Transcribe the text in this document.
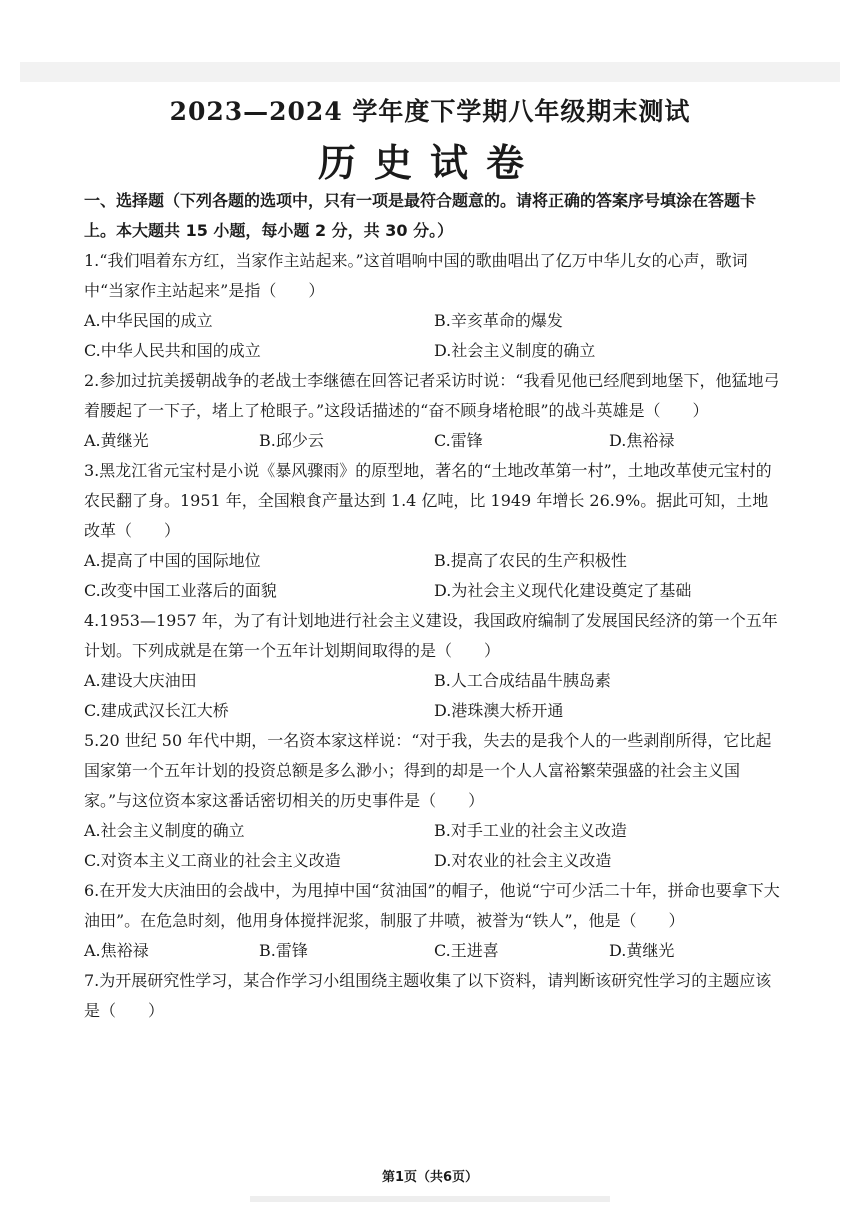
2023—2024 学年度下学期八年级期末测试
历史试卷
一、选择题（下列各题的选项中，只有一项是最符合题意的。请将正确的答案序号填涂在答题卡上。本大题共 15 小题，每小题 2 分，共 30 分。）

1.“我们唱着东方红，当家作主站起来。”这首唱响中国的歌曲唱出了亿万中华儿女的心声，歌词中“当家作主站起来”是指（　　）

A.中华民国的成立	B.辛亥革命的爆发
C.中华人民共和国的成立	D.社会主义制度的确立

2.参加过抗美援朝战争的老战士李继德在回答记者采访时说：“我看见他已经爬到地堡下，他猛地弓着腰起了一下子，堵上了枪眼子。”这段话描述的“奋不顾身堵枪眼”的战斗英雄是（　　）

A.黄继光	B.邱少云	C.雷锋	D.焦裕禄

3.黑龙江省元宝村是小说《暴风骤雨》的原型地，著名的“土地改革第一村”，土地改革使元宝村的农民翻了身。1951 年，全国粮食产量达到 1.4 亿吨，比 1949 年增长 26.9%。据此可知，土地改革（　　）

A.提高了中国的国际地位	B.提高了农民的生产积极性
C.改变中国工业落后的面貌	D.为社会主义现代化建设奠定了基础

4.1953—1957 年，为了有计划地进行社会主义建设，我国政府编制了发展国民经济的第一个五年计划。下列成就是在第一个五年计划期间取得的是（　　）

A.建设大庆油田	B.人工合成结晶牛胰岛素
C.建成武汉长江大桥	D.港珠澳大桥开通

5.20 世纪 50 年代中期，一名资本家这样说：“对于我，失去的是我个人的一些剥削所得，它比起国家第一个五年计划的投资总额是多么渺小；得到的却是一个人人富裕繁荣强盛的社会主义国家。”与这位资本家这番话密切相关的历史事件是（　　）

A.社会主义制度的确立	B.对手工业的社会主义改造
C.对资本主义工商业的社会主义改造	D.对农业的社会主义改造

6.在开发大庆油田的会战中，为甩掉中国“贫油国”的帽子，他说“宁可少活二十年，拼命也要拿下大油田”。在危急时刻，他用身体搅拌泥浆，制服了井喷，被誉为“铁人”，他是（　　）

A.焦裕禄	B.雷锋	C.王进喜	D.黄继光

7.为开展研究性学习，某合作学习小组围绕主题收集了以下资料，请判断该研究性学习的主题应该是（　　）

第1页（共6页）
